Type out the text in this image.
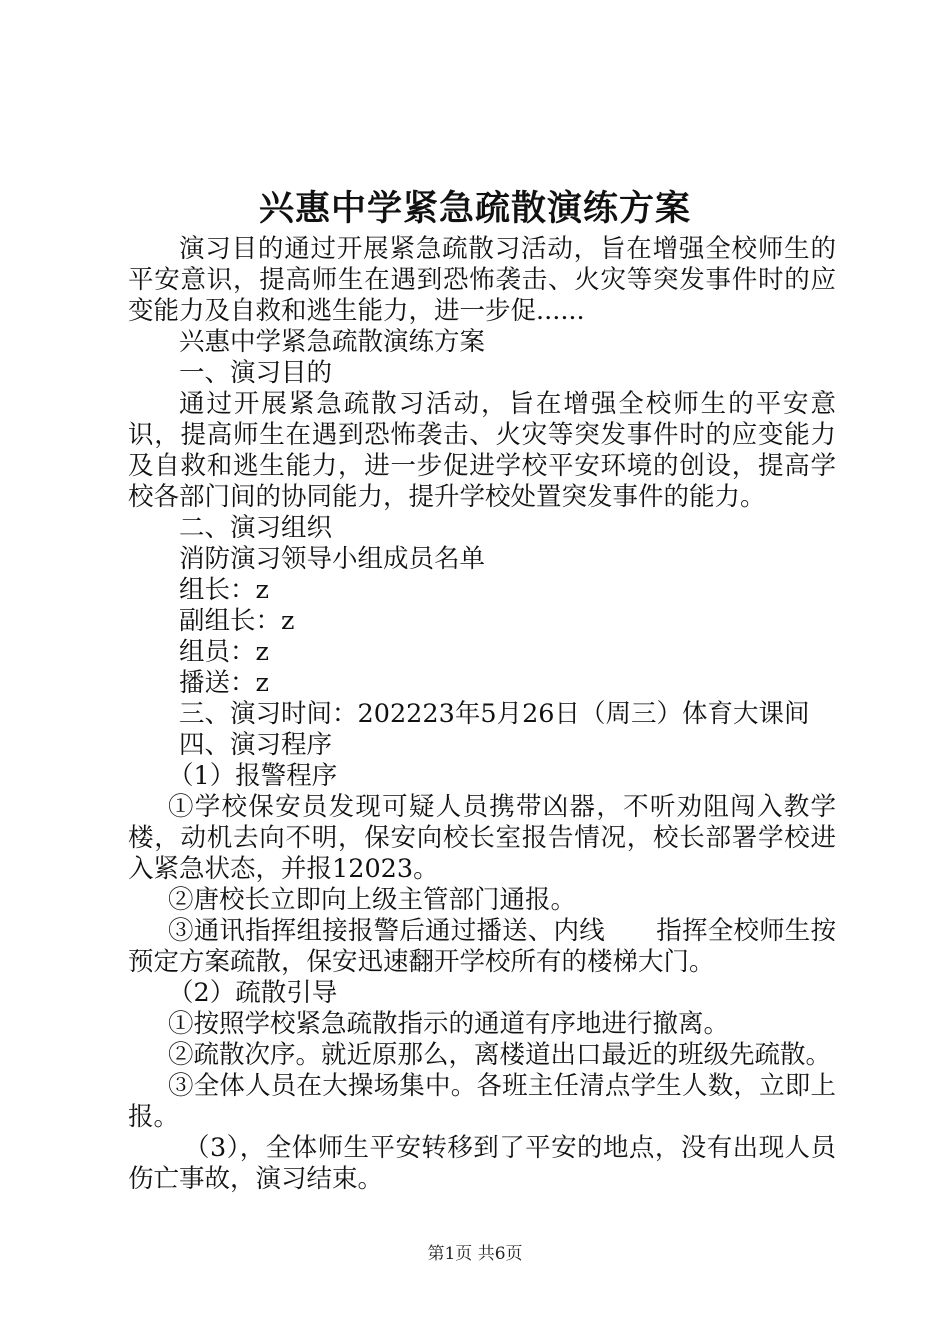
兴惠中学紧急疏散演练方案

演习目的通过开展紧急疏散习活动，旨在增强全校师生的平安意识，提高师生在遇到恐怖袭击、火灾等突发事件时的应变能力及自救和逃生能力，进一步促......

兴惠中学紧急疏散演练方案

一、演习目的

通过开展紧急疏散习活动，旨在增强全校师生的平安意识，提高师生在遇到恐怖袭击、火灾等突发事件时的应变能力及自救和逃生能力，进一步促进学校平安环境的创设，提高学校各部门间的协同能力，提升学校处置突发事件的能力。

二、演习组织

消防演习领导小组成员名单

组长：z

副组长：z

组员：z

播送：z

三、演习时间：202223年5月26日（周三）体育大课间

四、演习程序

（1）报警程序

①学校保安员发现可疑人员携带凶器，不听劝阻闯入教学楼，动机去向不明，保安向校长室报告情况，校长部署学校进入紧急状态，并报12023。

②唐校长立即向上级主管部门通报。

③通讯指挥组接报警后通过播送、内线　　指挥全校师生按预定方案疏散，保安迅速翻开学校所有的楼梯大门。

（2）疏散引导

①按照学校紧急疏散指示的通道有序地进行撤离。

②疏散次序。就近原那么，离楼道出口最近的班级先疏散。

③全体人员在大操场集中。各班主任清点学生人数，立即上报。

（3），全体师生平安转移到了平安的地点，没有出现人员伤亡事故，演习结束。

第1页 共6页
